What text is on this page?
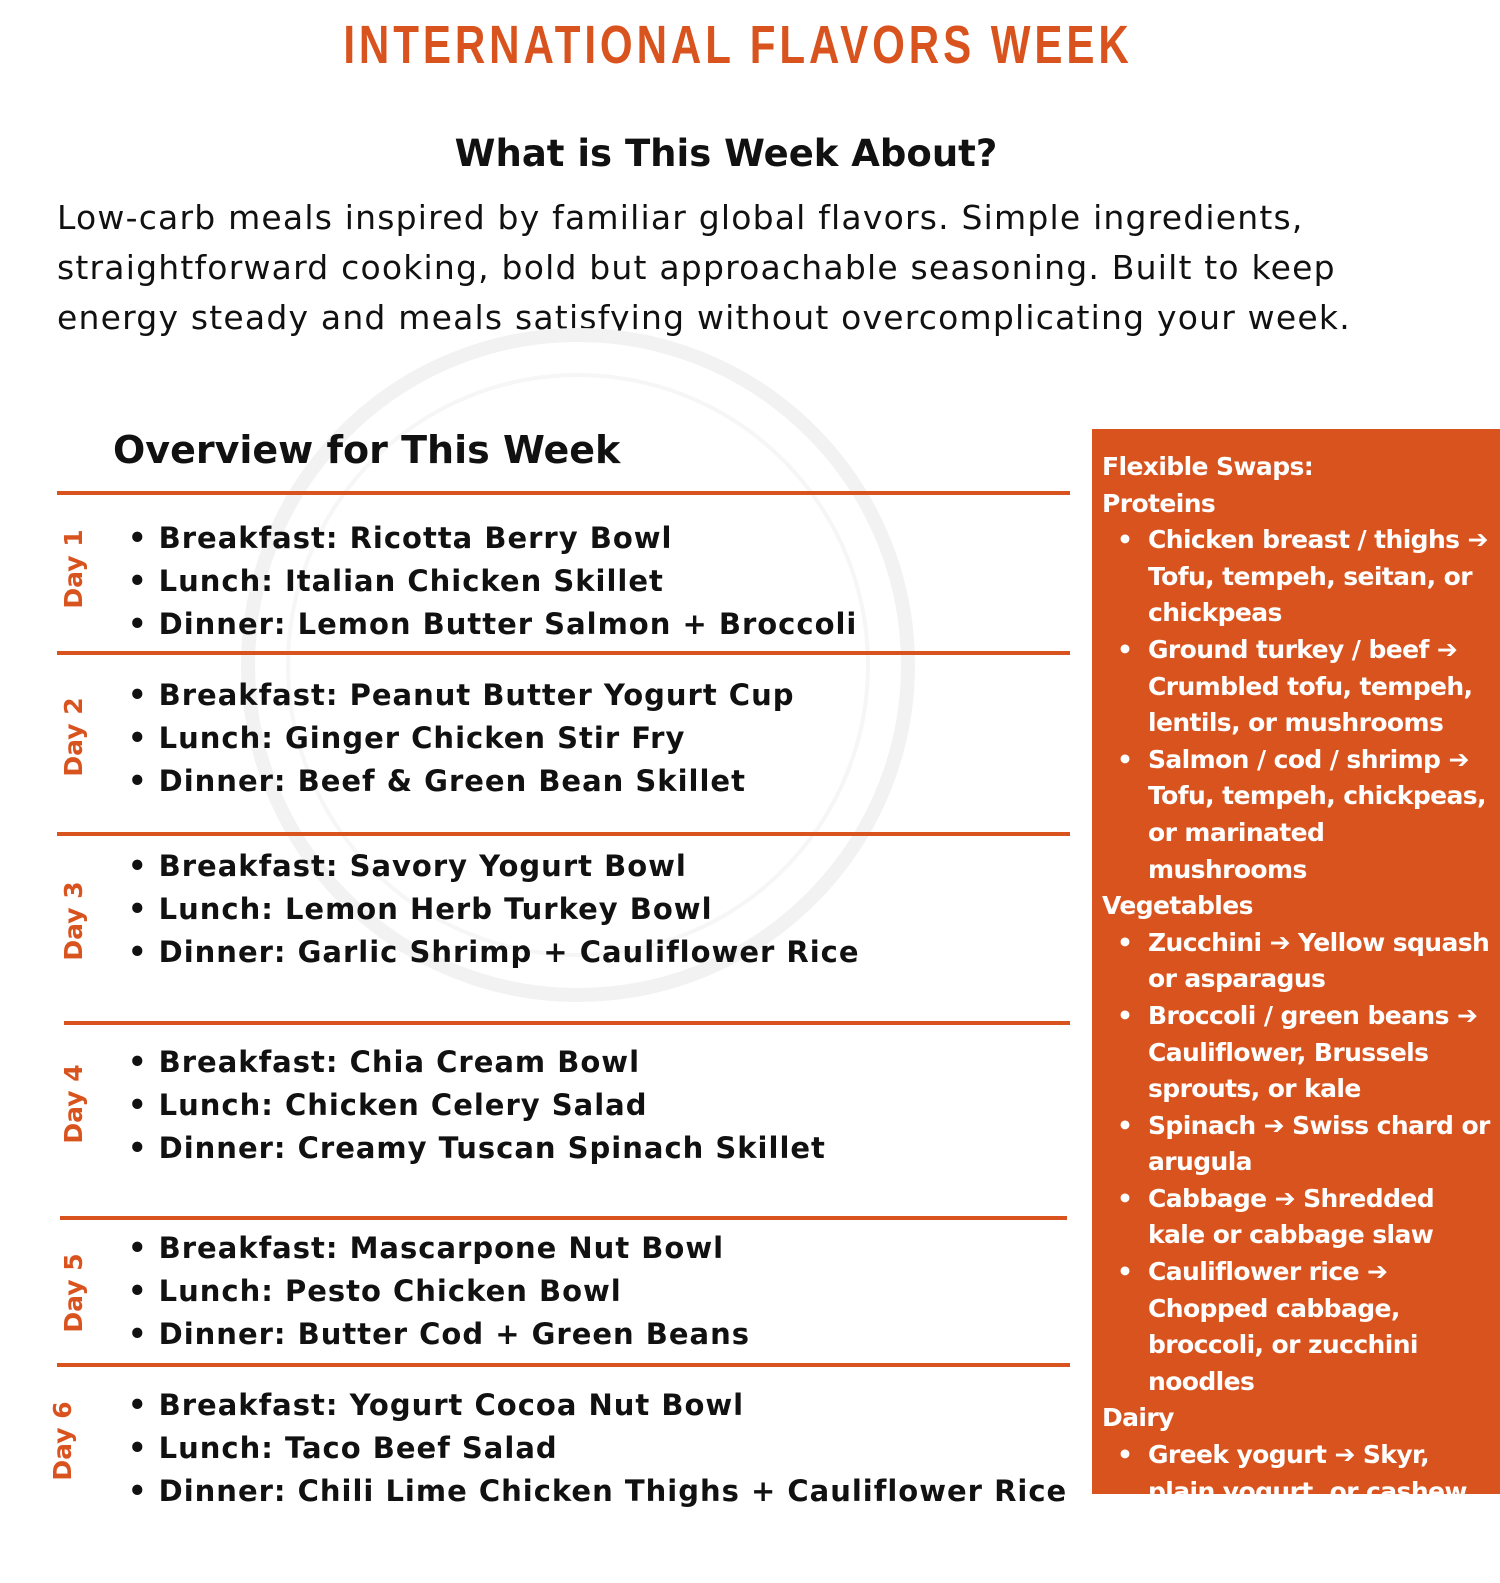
INTERNATIONAL FLAVORS WEEK
What is This Week About?
Low-carb meals inspired by familiar global flavors. Simple ingredients, straightforward cooking, bold but approachable seasoning. Built to keep energy steady and meals satisfying without overcomplicating your week.
Overview for This Week
Day 1	• Breakfast: Ricotta Berry Bowl
• Lunch: Italian Chicken Skillet
• Dinner: Lemon Butter Salmon + Broccoli
Day 2
• Breakfast: Peanut Butter Yogurt Cup
• Lunch: Ginger Chicken Stir Fry
• Dinner: Beef & Green Bean Skillet
Day 3
• Breakfast: Savory Yogurt Bowl
• Lunch: Lemon Herb Turkey Bowl
• Dinner: Garlic Shrimp + Cauliflower Rice
Day 4
• Breakfast: Chia Cream Bowl
• Lunch: Chicken Celery Salad
• Dinner: Creamy Tuscan Spinach Skillet
Day 5
• Breakfast: Mascarpone Nut Bowl
• Lunch: Pesto Chicken Bowl
• Dinner: Butter Cod + Green Beans
Day 6	• Breakfast: Yogurt Cocoa Nut Bowl
• Lunch: Taco Beef Salad
• Dinner: Chili Lime Chicken Thighs + Cauliflower Rice
Flexible Swaps:
Proteins
• Chicken breast / thighs ➔ Tofu, tempeh, seitan, or chickpeas
• Ground turkey / beef ➔ Crumbled tofu, tempeh, lentils, or mushrooms
• Salmon / cod / shrimp ➔ Tofu, tempeh, chickpeas, or marinated mushrooms
Vegetables
• Zucchini ➔ Yellow squash or asparagus
• Broccoli / green beans ➔ Cauliflower, Brussels sprouts, or kale
• Spinach ➔ Swiss chard or arugula
• Cabbage ➔ Shredded kale or cabbage slaw
• Cauliflower rice ➔ Chopped cabbage, broccoli, or zucchini noodles
Dairy
• Greek yogurt ➔ Skyr, plain yogurt, or cashew cream
• Ricotta / Mascarpone ➔
